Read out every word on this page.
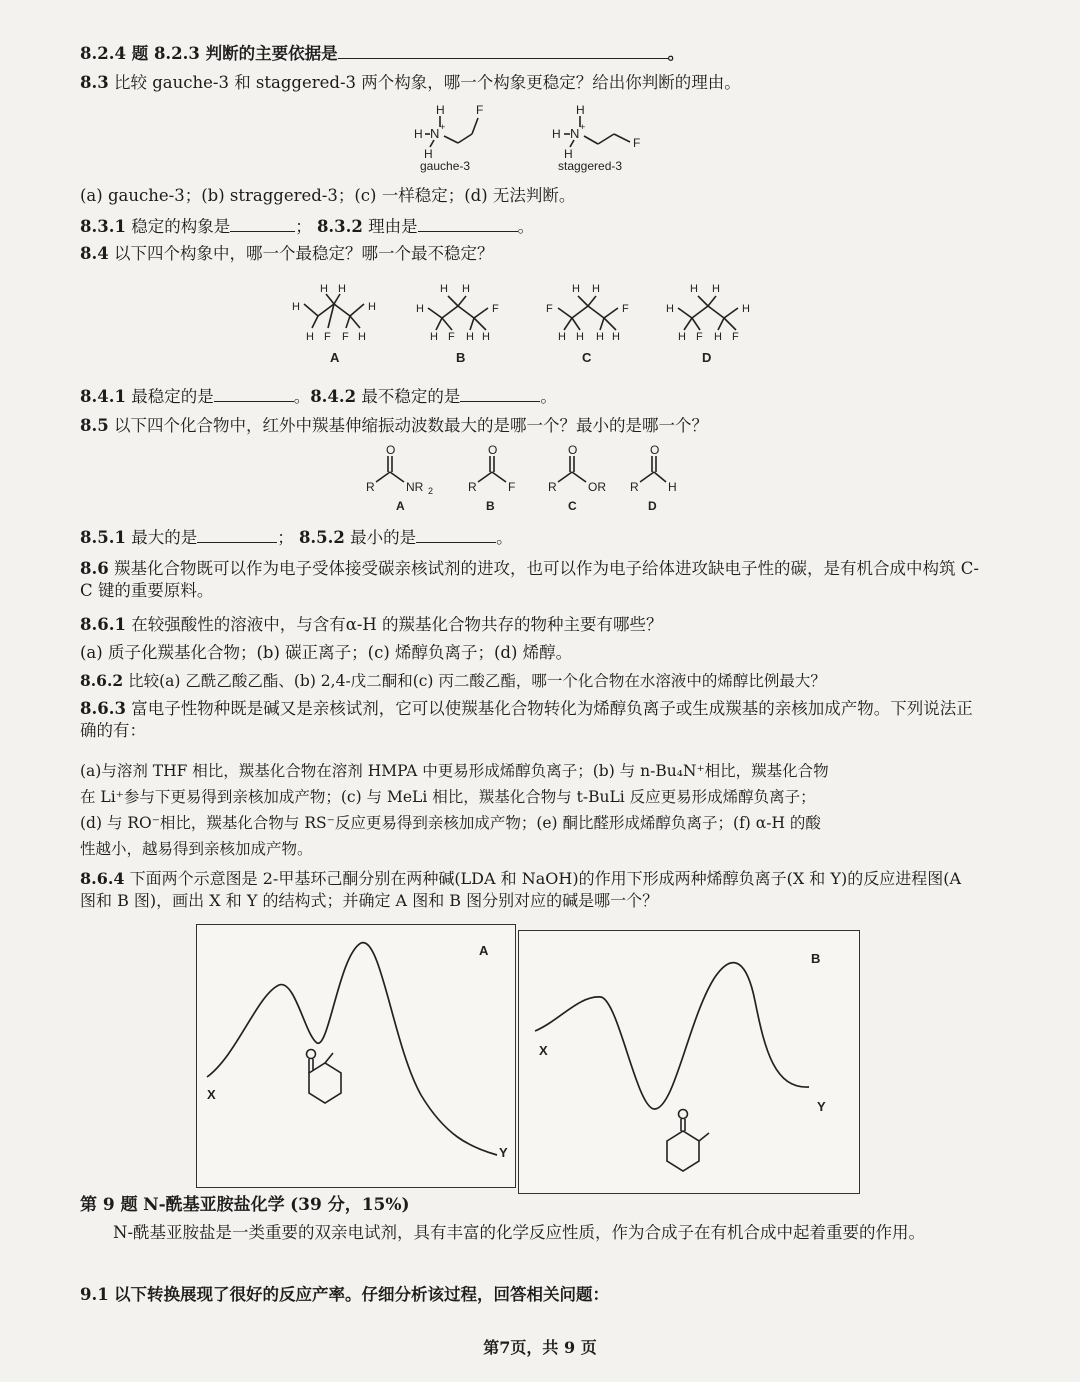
8.2.4 题 8.2.3 判断的主要依据是	。
8.3 比较 gauche-3 和 staggered-3 两个构象，哪一个构象更稳定？给出你判断的理由。
H
H N +
H
F
gauche-3
H
H N +
H
F
staggered-3
(a) gauche-3；(b) straggered-3；(c) 一样稳定；(d) 无法判断。
8.3.1 稳定的构象是	； 8.3.2 理由是	。
8.4 以下四个构象中，哪一个最稳定？哪一个最不稳定？
H H
H	H
H F F H
A
H H
H	F
H F H H
B
H H
F	F
H H H H
C
H H
H	H
H F H F
D
8.4.1 最稳定的是	。8.4.2 最不稳定的是	。
8.5 以下四个化合物中，红外中羰基伸缩振动波数最大的是哪一个？最小的是哪一个？
R
O
NR 2
A
R
O
F
B
R
O
OR
C
R
O
H
D
8.5.1 最大的是	； 8.5.2 最小的是	。
8.6 羰基化合物既可以作为电子受体接受碳亲核试剂的进攻，也可以作为电子给体进攻缺电子性的碳，是有机合成中构筑 C-C 键的重要原料。
8.6.1 在较强酸性的溶液中，与含有α-H 的羰基化合物共存的物种主要有哪些？
(a) 质子化羰基化合物；(b) 碳正离子；(c) 烯醇负离子；(d) 烯醇。
8.6.2 比较(a) 乙酰乙酸乙酯、(b) 2,4-戊二酮和(c) 丙二酸乙酯，哪一个化合物在水溶液中的烯醇比例最大？
8.6.3 富电子性物种既是碱又是亲核试剂，它可以使羰基化合物转化为烯醇负离子或生成羰基的亲核加成产物。下列说法正确的有：
(a)与溶剂 THF 相比，羰基化合物在溶剂 HMPA 中更易形成烯醇负离子；(b) 与 n-Bu₄N⁺相比，羰基化合物
在 Li⁺参与下更易得到亲核加成产物；(c) 与 MeLi 相比，羰基化合物与 t-BuLi 反应更易形成烯醇负离子；
(d) 与 RO⁻相比，羰基化合物与 RS⁻反应更易得到亲核加成产物；(e) 酮比醛形成烯醇负离子；(f) α-H 的酸
性越小，越易得到亲核加成产物。
8.6.4 下面两个示意图是 2-甲基环己酮分别在两种碱(LDA 和 NaOH)的作用下形成两种烯醇负离子(X 和 Y)的反应进程图(A 图和 B 图)，画出 X 和 Y 的结构式；并确定 A 图和 B 图分别对应的碱是哪一个？
A
X
Y
B
X
Y
第 9 题 N-酰基亚胺盐化学 (39 分，15%)
N-酰基亚胺盐是一类重要的双亲电试剂，具有丰富的化学反应性质，作为合成子在有机合成中起着重要的作用。
9.1 以下转换展现了很好的反应产率。仔细分析该过程，回答相关问题：
第7页，共 9 页
